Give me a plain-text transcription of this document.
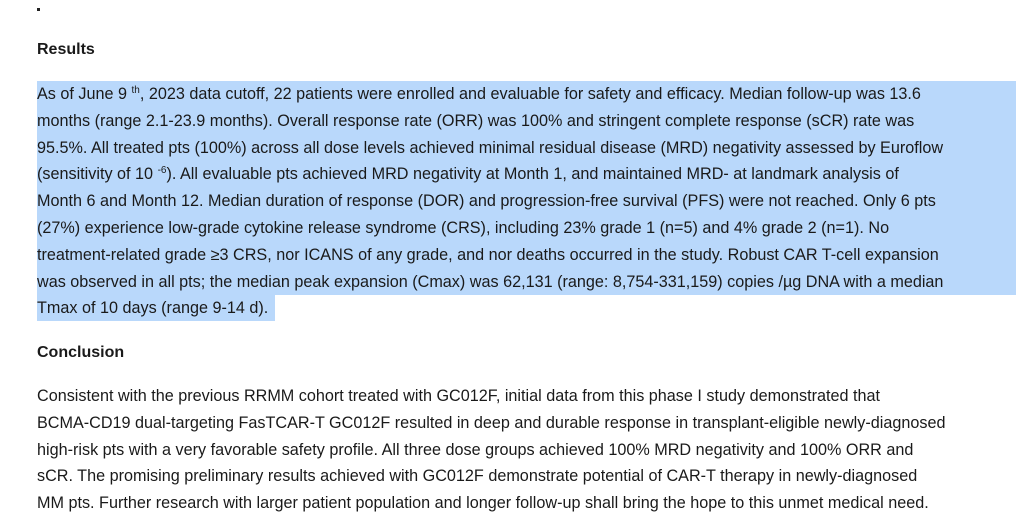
Results
As of June 9 $^{th}$, 2023 data cutoff, 22 patients were enrolled and evaluable for safety and efficacy. Median follow-up was 13.6
months (range 2.1-23.9 months). Overall response rate (ORR) was 100% and stringent complete response (sCR) rate was
95.5%. All treated pts (100%) across all dose levels achieved minimal residual disease (MRD) negativity assessed by Euroflow
(sensitivity of 10 $^{-6}$). All evaluable pts achieved MRD negativity at Month 1, and maintained MRD- at landmark analysis of
Month 6 and Month 12. Median duration of response (DOR) and progression-free survival (PFS) were not reached. Only 6 pts
(27%) experience low-grade cytokine release syndrome (CRS), including 23% grade 1 (n=5) and 4% grade 2 (n=1). No
treatment-related grade ≥3 CRS, nor ICANS of any grade, and nor deaths occurred in the study. Robust CAR T-cell expansion
was observed in all pts; the median peak expansion (Cmax) was 62,131 (range: 8,754-331,159) copies /µg DNA with a median
Tmax of 10 days (range 9-14 d).
Conclusion
Consistent with the previous RRMM cohort treated with GC012F, initial data from this phase I study demonstrated that
BCMA-CD19 dual-targeting FasTCAR-T GC012F resulted in deep and durable response in transplant-eligible newly-diagnosed
high-risk pts with a very favorable safety profile. All three dose groups achieved 100% MRD negativity and 100% ORR and
sCR. The promising preliminary results achieved with GC012F demonstrate potential of CAR-T therapy in newly-diagnosed
MM pts. Further research with larger patient population and longer follow-up shall bring the hope to this unmet medical need.
